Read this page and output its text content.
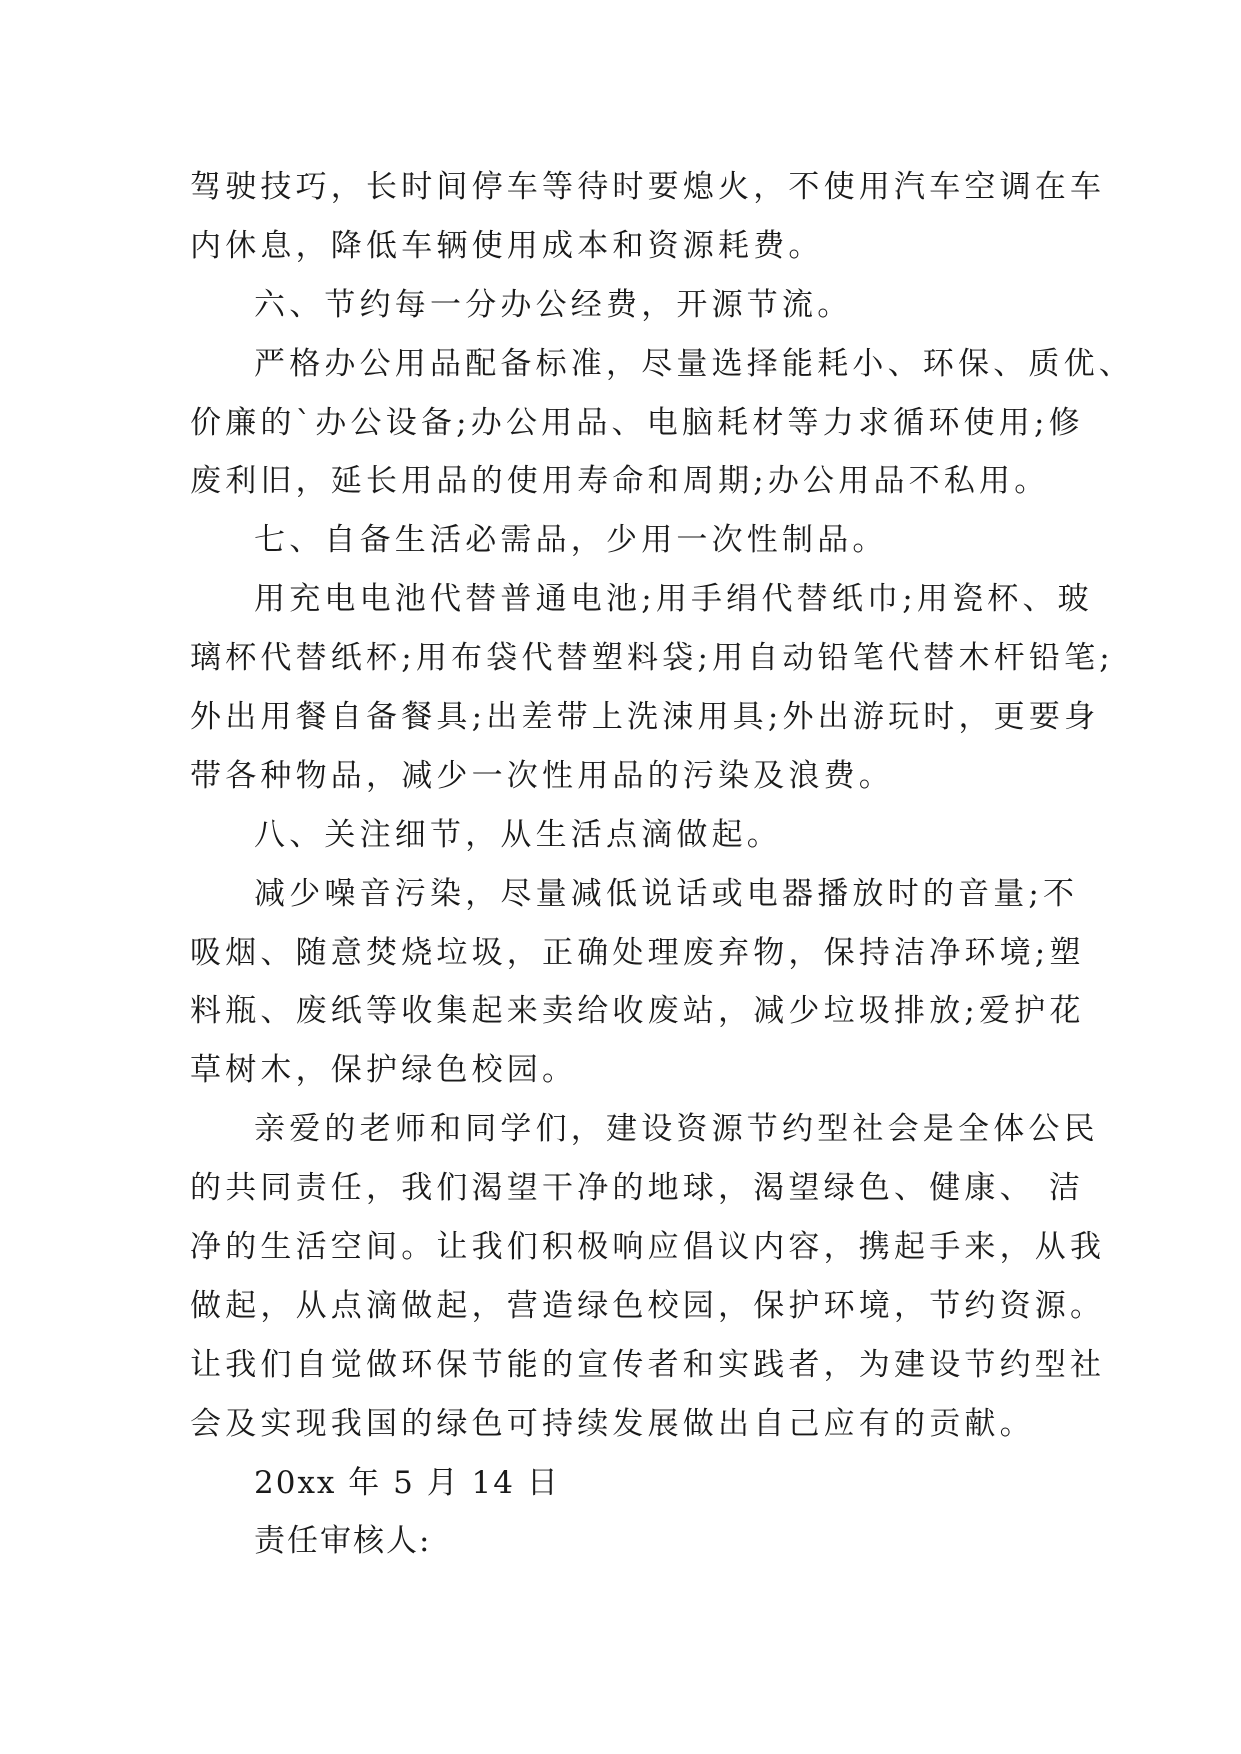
驾驶技巧，长时间停车等待时要熄火，不使用汽车空调在车
内休息，降低车辆使用成本和资源耗费。
六、节约每一分办公经费，开源节流。
严格办公用品配备标准，尽量选择能耗小、环保、质优、
价廉的`办公设备;办公用品、电脑耗材等力求循环使用;修
废利旧，延长用品的使用寿命和周期;办公用品不私用。
七、自备生活必需品，少用一次性制品。
用充电电池代替普通电池;用手绢代替纸巾;用瓷杯、玻
璃杯代替纸杯;用布袋代替塑料袋;用自动铅笔代替木杆铅笔;
外出用餐自备餐具;出差带上洗涑用具;外出游玩时，更要身
带各种物品，减少一次性用品的污染及浪费。
八、关注细节，从生活点滴做起。
减少噪音污染，尽量减低说话或电器播放时的音量;不
吸烟、随意焚烧垃圾，正确处理废弃物，保持洁净环境;塑
料瓶、废纸等收集起来卖给收废站，减少垃圾排放;爱护花
草树木，保护绿色校园。
亲爱的老师和同学们，建设资源节约型社会是全体公民
的共同责任，我们渴望干净的地球，渴望绿色、健康、 洁
净的生活空间。让我们积极响应倡议内容，携起手来，从我
做起，从点滴做起，营造绿色校园，保护环境，节约资源。
让我们自觉做环保节能的宣传者和实践者，为建设节约型社
会及实现我国的绿色可持续发展做出自己应有的贡献。
20xx 年 5 月 14 日
责任审核人:
